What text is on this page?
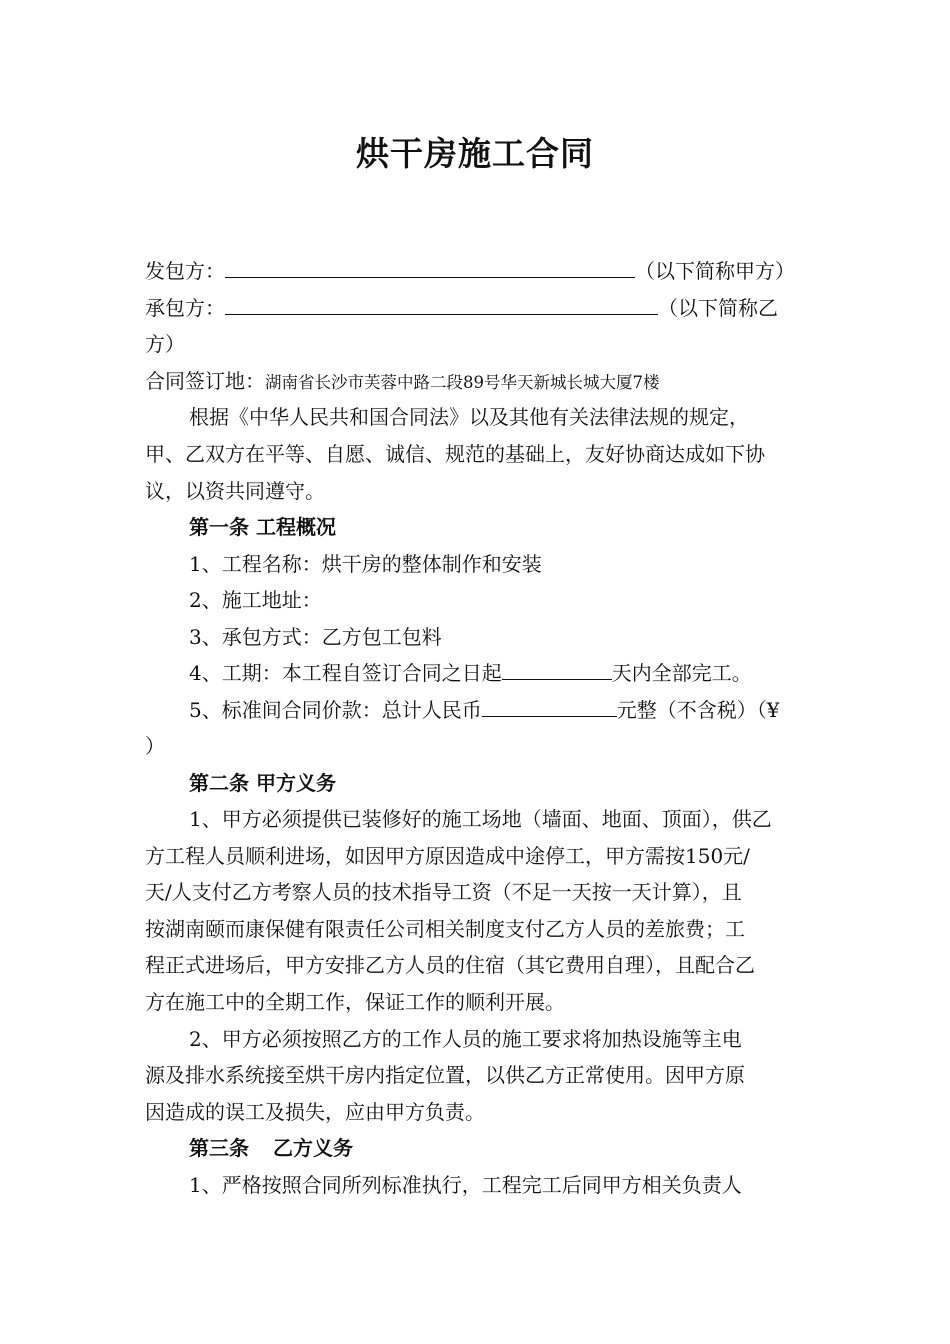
烘干房施工合同
发包方：	（以下简称甲方）
承包方：	（以下简称乙
方）
合同签订地：湖南省长沙市芙蓉中路二段89号华天新城长城大厦7楼
根据《中华人民共和国合同法》以及其他有关法律法规的规定，
甲、乙双方在平等、自愿、诚信、规范的基础上，友好协商达成如下协
议，以资共同遵守。
第一条 工程概况
1、工程名称：烘干房的整体制作和安装
2、施工地址：
3、承包方式：乙方包工包料
4、工期：本工程自签订合同之日起	天内全部完工。
5、标准间合同价款：总计人民币	元整（不含税）（¥
）
第二条 甲方义务
1、甲方必须提供已装修好的施工场地（墙面、地面、顶面），供乙
方工程人员顺利进场，如因甲方原因造成中途停工，甲方需按150元/
天/人支付乙方考察人员的技术指导工资（不足一天按一天计算），且
按湖南颐而康保健有限责任公司相关制度支付乙方人员的差旅费；工
程正式进场后，甲方安排乙方人员的住宿（其它费用自理），且配合乙
方在施工中的全期工作，保证工作的顺利开展。
2、甲方必须按照乙方的工作人员的施工要求将加热设施等主电
源及排水系统接至烘干房内指定位置，以供乙方正常使用。因甲方原
因造成的误工及损失，应由甲方负责。
第三条 乙方义务
1、严格按照合同所列标准执行，工程完工后同甲方相关负责人
